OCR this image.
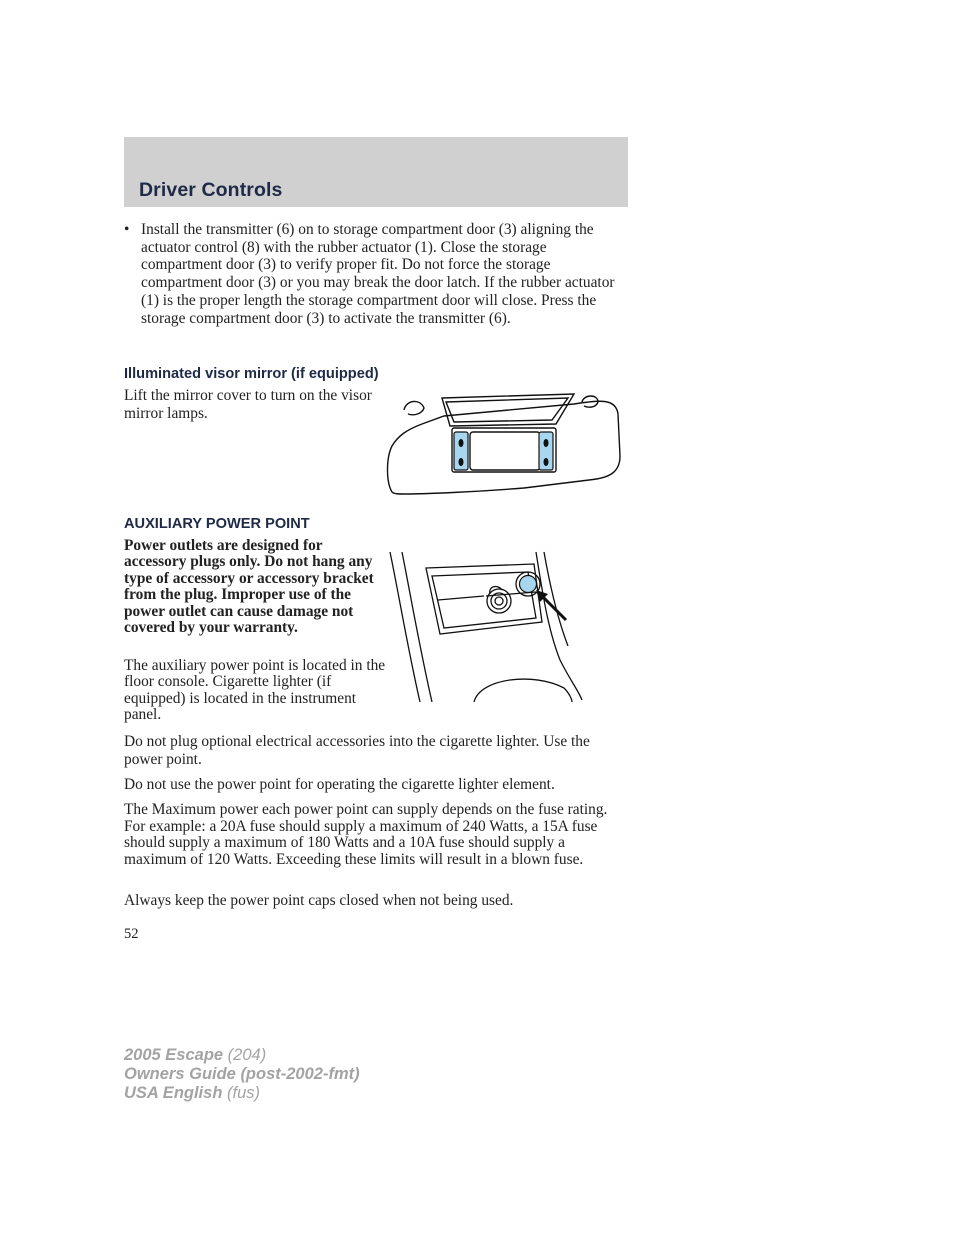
Driver Controls
• Install the transmitter (6) on to storage compartment door (3) aligning the actuator control (8) with the rubber actuator (1). Close the storage compartment door (3) to verify proper fit. Do not force the storage compartment door (3) or you may break the door latch. If the rubber actuator (1) is the proper length the storage compartment door will close. Press the storage compartment door (3) to activate the transmitter (6).
Illuminated visor mirror (if equipped)
Lift the mirror cover to turn on the visor mirror lamps.
AUXILIARY POWER POINT
Power outlets are designed for accessory plugs only. Do not hang any type of accessory or accessory bracket from the plug. Improper use of the power outlet can cause damage not covered by your warranty.
The auxiliary power point is located in the floor console. Cigarette lighter (if equipped) is located in the instrument panel.
Do not plug optional electrical accessories into the cigarette lighter. Use the power point.
Do not use the power point for operating the cigarette lighter element.
The Maximum power each power point can supply depends on the fuse rating. For example: a 20A fuse should supply a maximum of 240 Watts, a 15A fuse should supply a maximum of 180 Watts and a 10A fuse should supply a maximum of 120 Watts. Exceeding these limits will result in a blown fuse.
Always keep the power point caps closed when not being used.
52
2005 Escape (204)
Owners Guide (post-2002-fmt)
USA English (fus)
